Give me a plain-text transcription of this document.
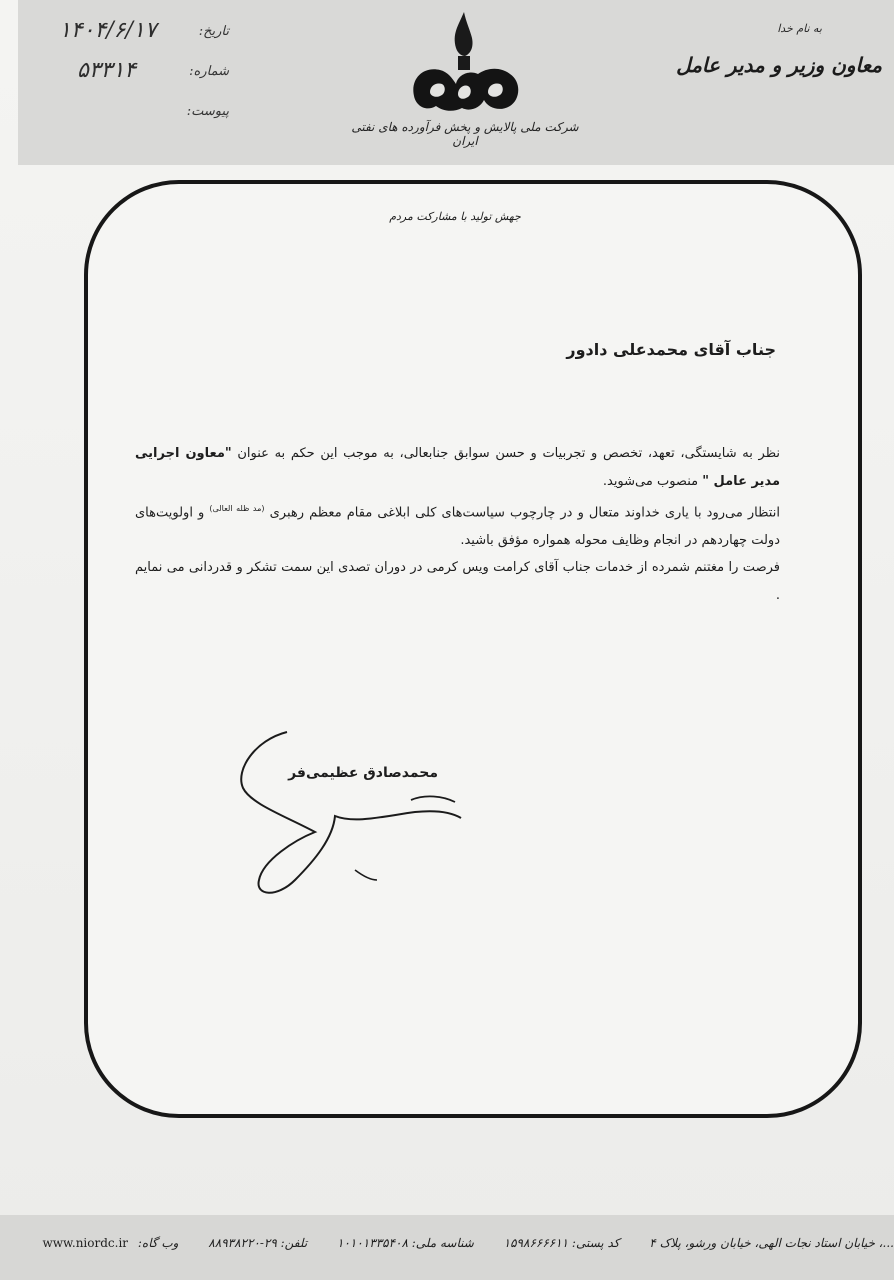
به نام خدا
معاون وزیر و مدیر عامل
شرکت ملی پالایش و پخش فرآورده های نفتی ایران
تاریخ:
۱۴۰۴/۶/۱۷
شماره:
۵۳۳۱۴
پیوست:
جهش تولید با مشارکت مردم
جناب آقای محمدعلی دادور

نظر به شایستگی، تعهد، تخصص و تجربیات و حسن سوابق جنابعالی، به موجب این حکم به عنوان "معاون اجرایی مدیر عامل " منصوب می‌شوید.

انتظار می‌رود با یاری خداوند متعال و در چارچوب سیاست‌های کلی ابلاغی مقام معظم رهبری $^{(مد ظله العالی)}$ و اولویت‌های دولت چهاردهم در انجام وظایف محوله همواره مؤفق باشید.

فرصت را مغتنم شمرده از خدمات جناب آقای کرامت ویس کرمی در دوران تصدی این سمت تشکر و قدردانی می نمایم .

محمدصادق عظیمی‌فر
...، خیابان استاد نجات الهی، خیابان ورشو، پلاک ۴ کد پستی: ۱۵۹۸۶۶۶۶۱۱ شناسه ملی: ۱۰۱۰۱۳۳۵۴۰۸ تلفن: ۲۹-۸۸۹۳۸۲۲۰ وب گاه: www.niordc.ir
